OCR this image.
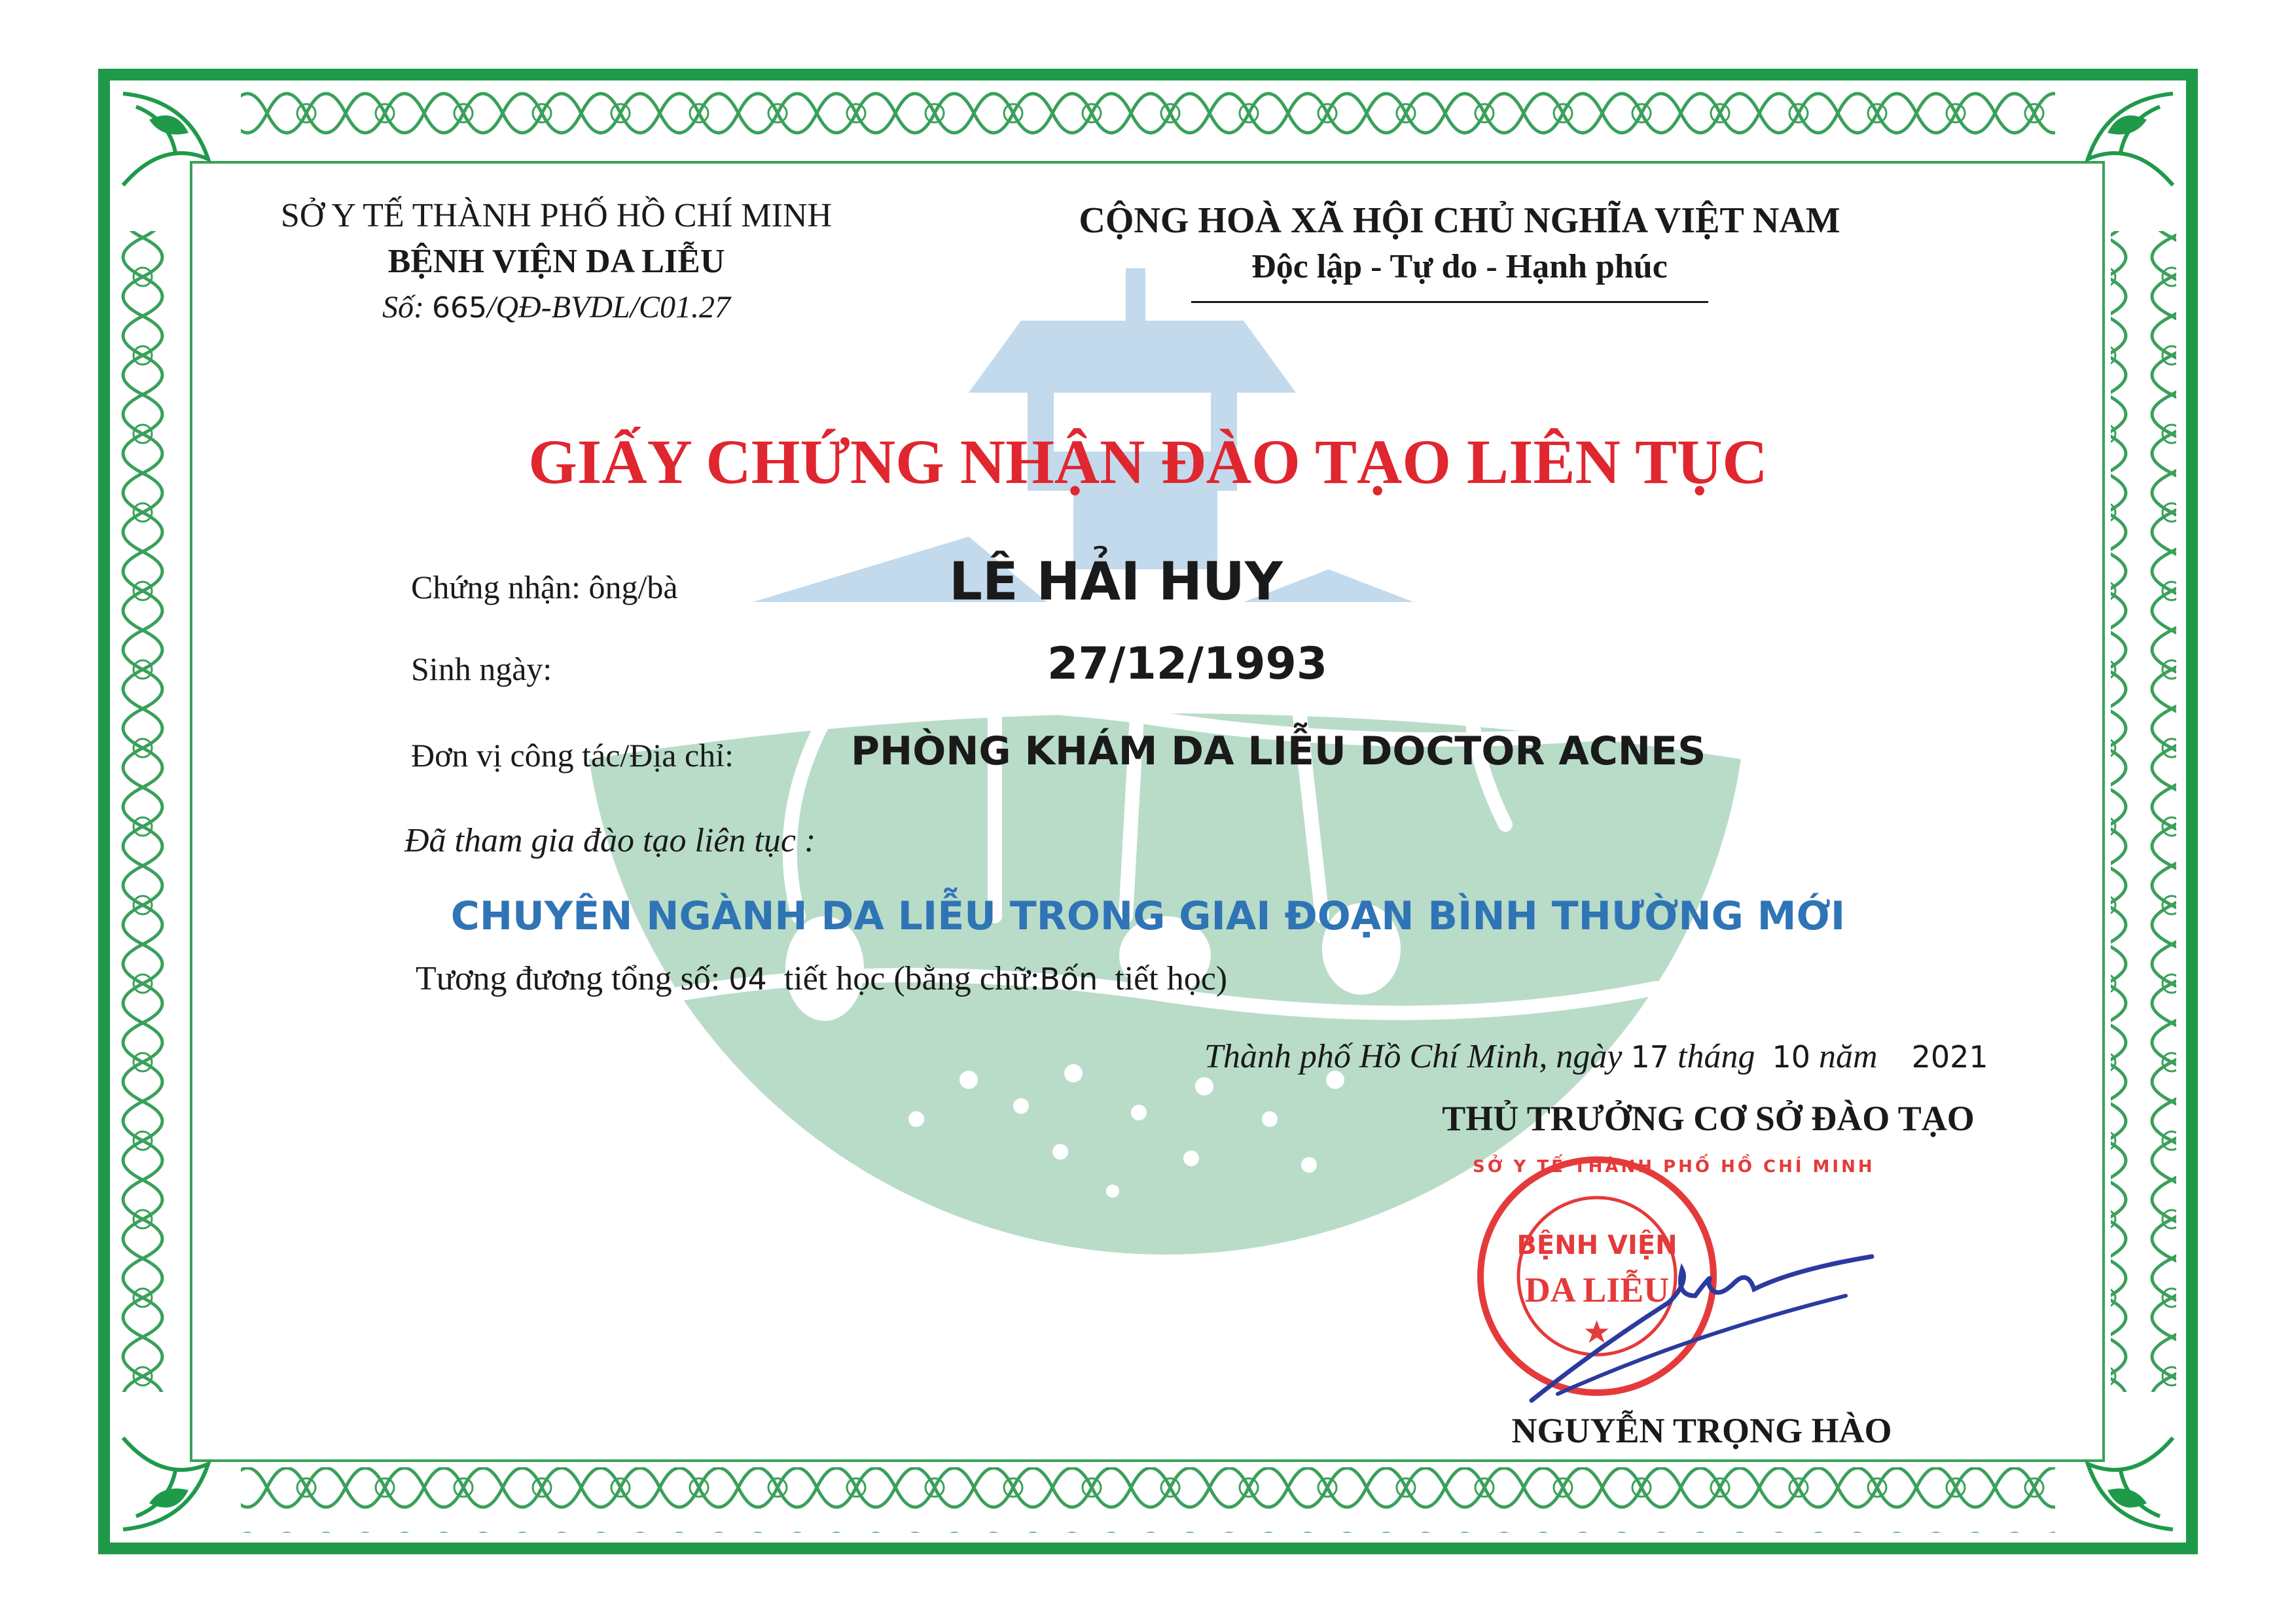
SỞ Y TẾ THÀNH PHỐ HỒ CHÍ MINH
BỆNH VIỆN DA LIỄU
Số: 665/QĐ-BVDL/C01.27
CỘNG HOÀ XÃ HỘI CHỦ NGHĨA VIỆT NAM
Độc lập - Tự do - Hạnh phúc
GIẤY CHỨNG NHẬN ĐÀO TẠO LIÊN TỤC
Chứng nhận: ông/bà	LÊ HẢI HUY
Sinh ngày:	27/12/1993
Đơn vị công tác/Địa chỉ:	PHÒNG KHÁM DA LIỄU DOCTOR ACNES
Đã tham gia đào tạo liên tục :
CHUYÊN NGÀNH DA LIỄU TRONG GIAI ĐOẠN BÌNH THƯỜNG MỚI
Tương đương tổng số: 04 tiết học (bằng chữ:Bốn tiết học)
Thành phố Hồ Chí Minh, ngày 17 tháng 10 năm 2021
THỦ TRƯỞNG CƠ SỞ ĐÀO TẠO
SỞ Y TẾ THÀNH PHỐ HỒ CHÍ MINH
BỆNH VIỆN
DA LIỄU
NGUYỄN TRỌNG HÀO
